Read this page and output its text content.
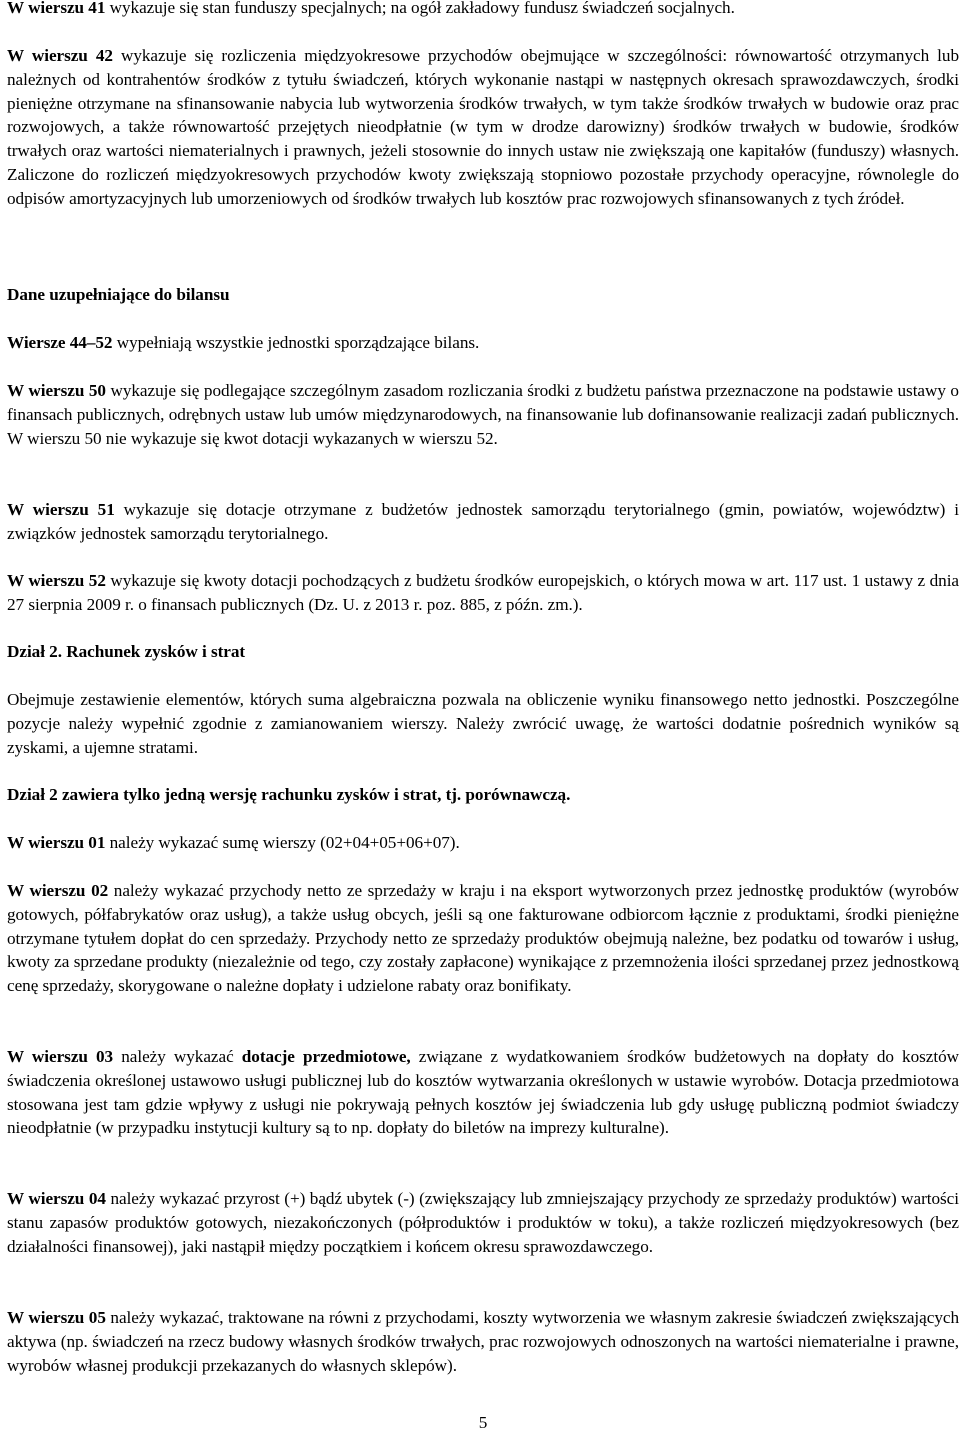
W wierszu 41 wykazuje się stan funduszy specjalnych; na ogół zakładowy fundusz świadczeń socjalnych.

W wierszu 42 wykazuje się rozliczenia międzyokresowe przychodów obejmujące w szczególności: równowartość otrzymanych lub należnych od kontrahentów środków z tytułu świadczeń, których wykonanie nastąpi w następnych okresach sprawozdawczych, środki pieniężne otrzymane na sfinansowanie nabycia lub wytworzenia środków trwałych, w tym także środków trwałych w budowie oraz prac rozwojowych, a także równowartość przejętych nieodpłatnie (w tym w drodze darowizny) środków trwałych w budowie, środków trwałych oraz wartości niematerialnych i prawnych, jeżeli stosownie do innych ustaw nie zwiększają one kapitałów (funduszy) własnych. Zaliczone do rozliczeń międzyokresowych przychodów kwoty zwiększają stopniowo pozostałe przychody operacyjne, równolegle do odpisów amortyzacyjnych lub umorzeniowych od środków trwałych lub kosztów prac rozwojowych sfinansowanych z tych źródeł.

Dane uzupełniające do bilansu

Wiersze 44–52 wypełniają wszystkie jednostki sporządzające bilans.

W wierszu 50 wykazuje się podlegające szczególnym zasadom rozliczania środki z budżetu państwa przeznaczone na podstawie ustawy o finansach publicznych, odrębnych ustaw lub umów międzynarodowych, na finansowanie lub dofinansowanie realizacji zadań publicznych. W wierszu 50 nie wykazuje się kwot dotacji wykazanych w wierszu 52.

W wierszu 51 wykazuje się dotacje otrzymane z budżetów jednostek samorządu terytorialnego (gmin, powiatów, województw) i związków jednostek samorządu terytorialnego.

W wierszu 52 wykazuje się kwoty dotacji pochodzących z budżetu środków europejskich, o których mowa w art. 117 ust. 1 ustawy z dnia 27 sierpnia 2009 r. o finansach publicznych (Dz. U. z 2013 r. poz. 885, z późn. zm.).

Dział 2. Rachunek zysków i strat

Obejmuje zestawienie elementów, których suma algebraiczna pozwala na obliczenie wyniku finansowego netto jednostki. Poszczególne pozycje należy wypełnić zgodnie z zamianowaniem wierszy. Należy zwrócić uwagę, że wartości dodatnie pośrednich wyników są zyskami, a ujemne stratami.

Dział 2 zawiera tylko jedną wersję rachunku zysków i strat, tj. porównawczą.

W wierszu 01 należy wykazać sumę wierszy (02+04+05+06+07).

W wierszu 02 należy wykazać przychody netto ze sprzedaży w kraju i na eksport wytworzonych przez jednostkę produktów (wyrobów gotowych, półfabrykatów oraz usług), a także usług obcych, jeśli są one fakturowane odbiorcom łącznie z produktami, środki pieniężne otrzymane tytułem dopłat do cen sprzedaży. Przychody netto ze sprzedaży produktów obejmują należne, bez podatku od towarów i usług, kwoty za sprzedane produkty (niezależnie od tego, czy zostały zapłacone) wynikające z przemnożenia ilości sprzedanej przez jednostkową cenę sprzedaży, skorygowane o należne dopłaty i udzielone rabaty oraz bonifikaty.

W wierszu 03 należy wykazać dotacje przedmiotowe, związane z wydatkowaniem środków budżetowych na dopłaty do kosztów świadczenia określonej ustawowo usługi publicznej lub do kosztów wytwarzania określonych w ustawie wyrobów. Dotacja przedmiotowa stosowana jest tam gdzie wpływy z usługi nie pokrywają pełnych kosztów jej świadczenia lub gdy usługę publiczną podmiot świadczy nieodpłatnie (w przypadku instytucji kultury są to np. dopłaty do biletów na imprezy kulturalne).

W wierszu 04 należy wykazać przyrost (+) bądź ubytek (-) (zwiększający lub zmniejszający przychody ze sprzedaży produktów) wartości stanu zapasów produktów gotowych, niezakończonych (półproduktów i produktów w toku), a także rozliczeń międzyokresowych (bez działalności finansowej), jaki nastąpił między początkiem i końcem okresu sprawozdawczego.

W wierszu 05 należy wykazać, traktowane na równi z przychodami, koszty wytworzenia we własnym zakresie świadczeń zwiększających aktywa (np. świadczeń na rzecz budowy własnych środków trwałych, prac rozwojowych odnoszonych na wartości niematerialne i prawne, wyrobów własnej produkcji przekazanych do własnych sklepów).

5
